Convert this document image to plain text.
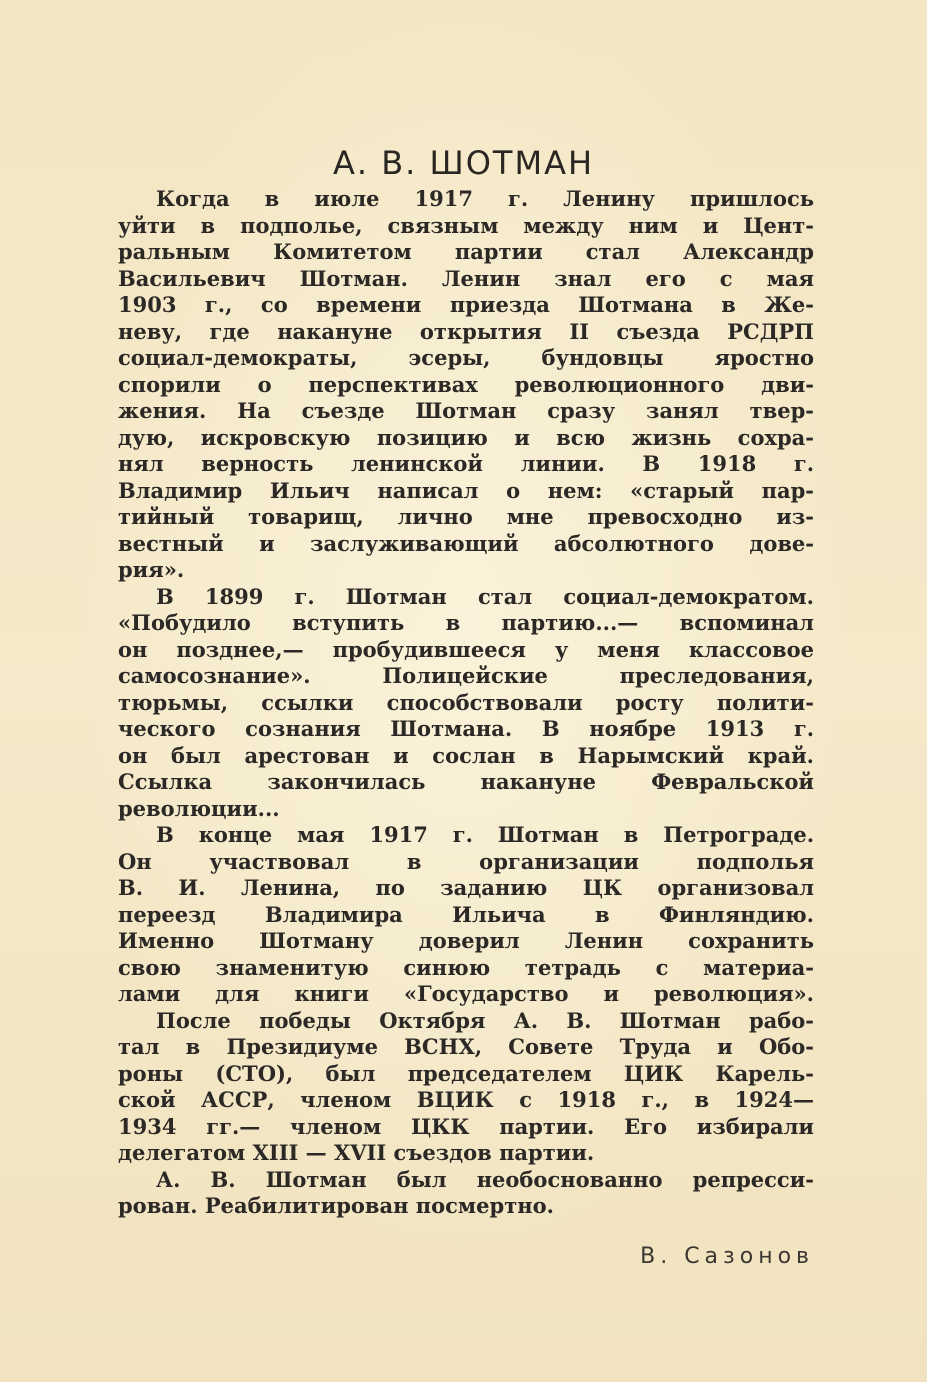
А. В. ШОТМАН
Когда в июле 1917 г. Ленину пришлось
уйти в подполье, связным между ним и Цент-
ральным Комитетом партии стал Александр
Васильевич Шотман. Ленин знал его с мая
1903 г., со времени приезда Шотмана в Же-
неву, где накануне открытия II съезда РСДРП
социал-демократы, эсеры, бундовцы яростно
спорили о перспективах революционного дви-
жения. На съезде Шотман сразу занял твер-
дую, искровскую позицию и всю жизнь сохра-
нял верность ленинской линии. В 1918 г.
Владимир Ильич написал о нем: «старый пар-
тийный товарищ, лично мне превосходно из-
вестный и заслуживающий абсолютного дове-
рия».
В 1899 г. Шотман стал социал-демократом.
«Побудило вступить в партию...— вспоминал
он позднее,— пробудившееся у меня классовое
самосознание». Полицейские преследования,
тюрьмы, ссылки способствовали росту полити-
ческого сознания Шотмана. В ноябре 1913 г.
он был арестован и сослан в Нарымский край.
Ссылка закончилась накануне Февральской
революции...
В конце мая 1917 г. Шотман в Петрограде.
Он участвовал в организации подполья
В. И. Ленина, по заданию ЦК организовал
переезд Владимира Ильича в Финляндию.
Именно Шотману доверил Ленин сохранить
свою знаменитую синюю тетрадь с материа-
лами для книги «Государство и революция».
После победы Октября А. В. Шотман рабо-
тал в Президиуме ВСНХ, Совете Труда и Обо-
роны (СТО), был председателем ЦИК Карель-
ской АССР, членом ВЦИК с 1918 г., в 1924—
1934 гг.— членом ЦКК партии. Его избирали
делегатом XIII — XVII съездов партии.
А. В. Шотман был необоснованно репресси-
рован. Реабилитирован посмертно.
В. Сазонов
